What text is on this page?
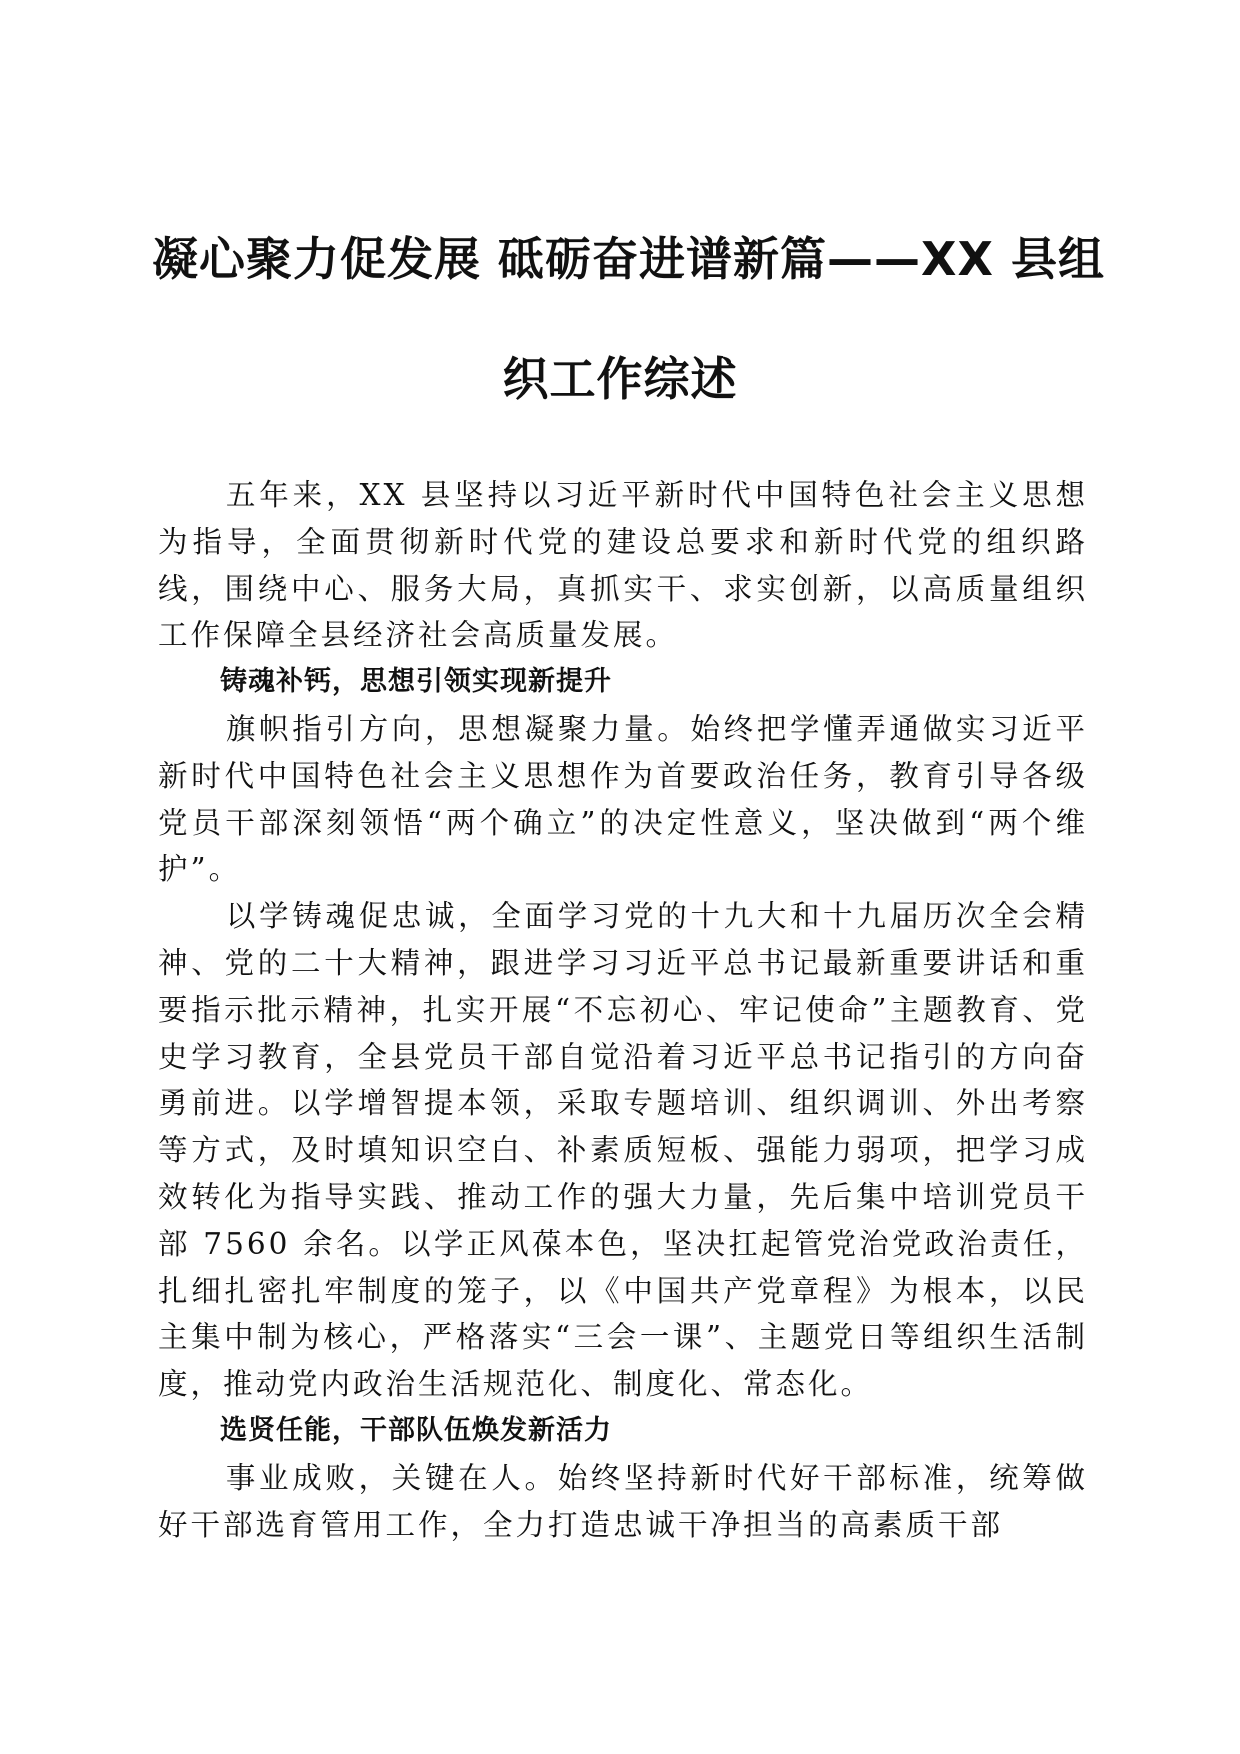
凝心聚力促发展 砥砺奋进谱新篇——XX 县组
织工作综述

五年来，XX 县坚持以习近平新时代中国特色社会主义思想为指导，全面贯彻新时代党的建设总要求和新时代党的组织路线，围绕中心、服务大局，真抓实干、求实创新，以高质量组织工作保障全县经济社会高质量发展。

铸魂补钙，思想引领实现新提升

旗帜指引方向，思想凝聚力量。始终把学懂弄通做实习近平新时代中国特色社会主义思想作为首要政治任务，教育引导各级党员干部深刻领悟“两个确立”的决定性意义，坚决做到“两个维护”。

以学铸魂促忠诚，全面学习党的十九大和十九届历次全会精神、党的二十大精神，跟进学习习近平总书记最新重要讲话和重要指示批示精神，扎实开展“不忘初心、牢记使命”主题教育、党史学习教育，全县党员干部自觉沿着习近平总书记指引的方向奋勇前进。以学增智提本领，采取专题培训、组织调训、外出考察等方式，及时填知识空白、补素质短板、强能力弱项，把学习成效转化为指导实践、推动工作的强大力量，先后集中培训党员干部 7560 余名。以学正风葆本色，坚决扛起管党治党政治责任，扎细扎密扎牢制度的笼子，以《中国共产党章程》为根本，以民主集中制为核心，严格落实“三会一课”、主题党日等组织生活制度，推动党内政治生活规范化、制度化、常态化。

选贤任能，干部队伍焕发新活力

事业成败，关键在人。始终坚持新时代好干部标准，统筹做好干部选育管用工作，全力打造忠诚干净担当的高素质干部
